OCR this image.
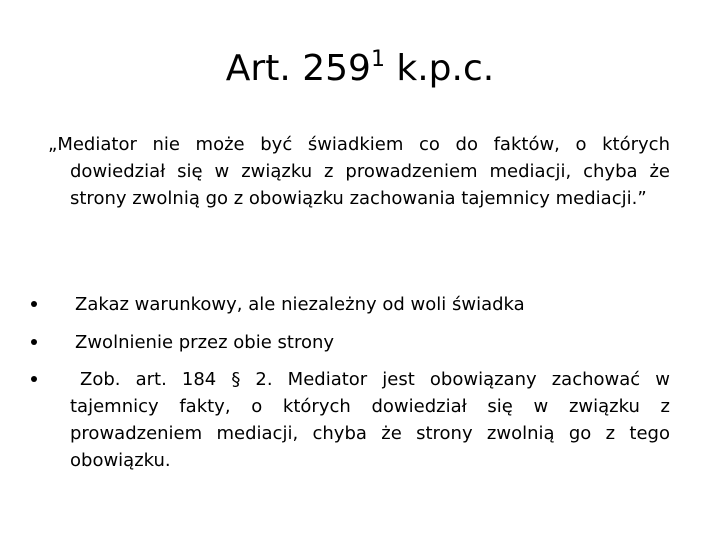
Art. $259^1$ k.p.c.

„Mediator nie może być świadkiem co do faktów, o których dowiedział się w związku z prowadzeniem mediacji, chyba że strony zwolnią go z obowiązku zachowania tajemnicy mediacji.”

Zakaz warunkowy, ale niezależny od woli świadka

Zwolnienie przez obie strony

Zob. art. 184 § 2. Mediator jest obowiązany zachować w tajemnicy fakty, o których dowiedział się w związku z prowadzeniem mediacji, chyba że strony zwolnią go z tego obowiązku.
